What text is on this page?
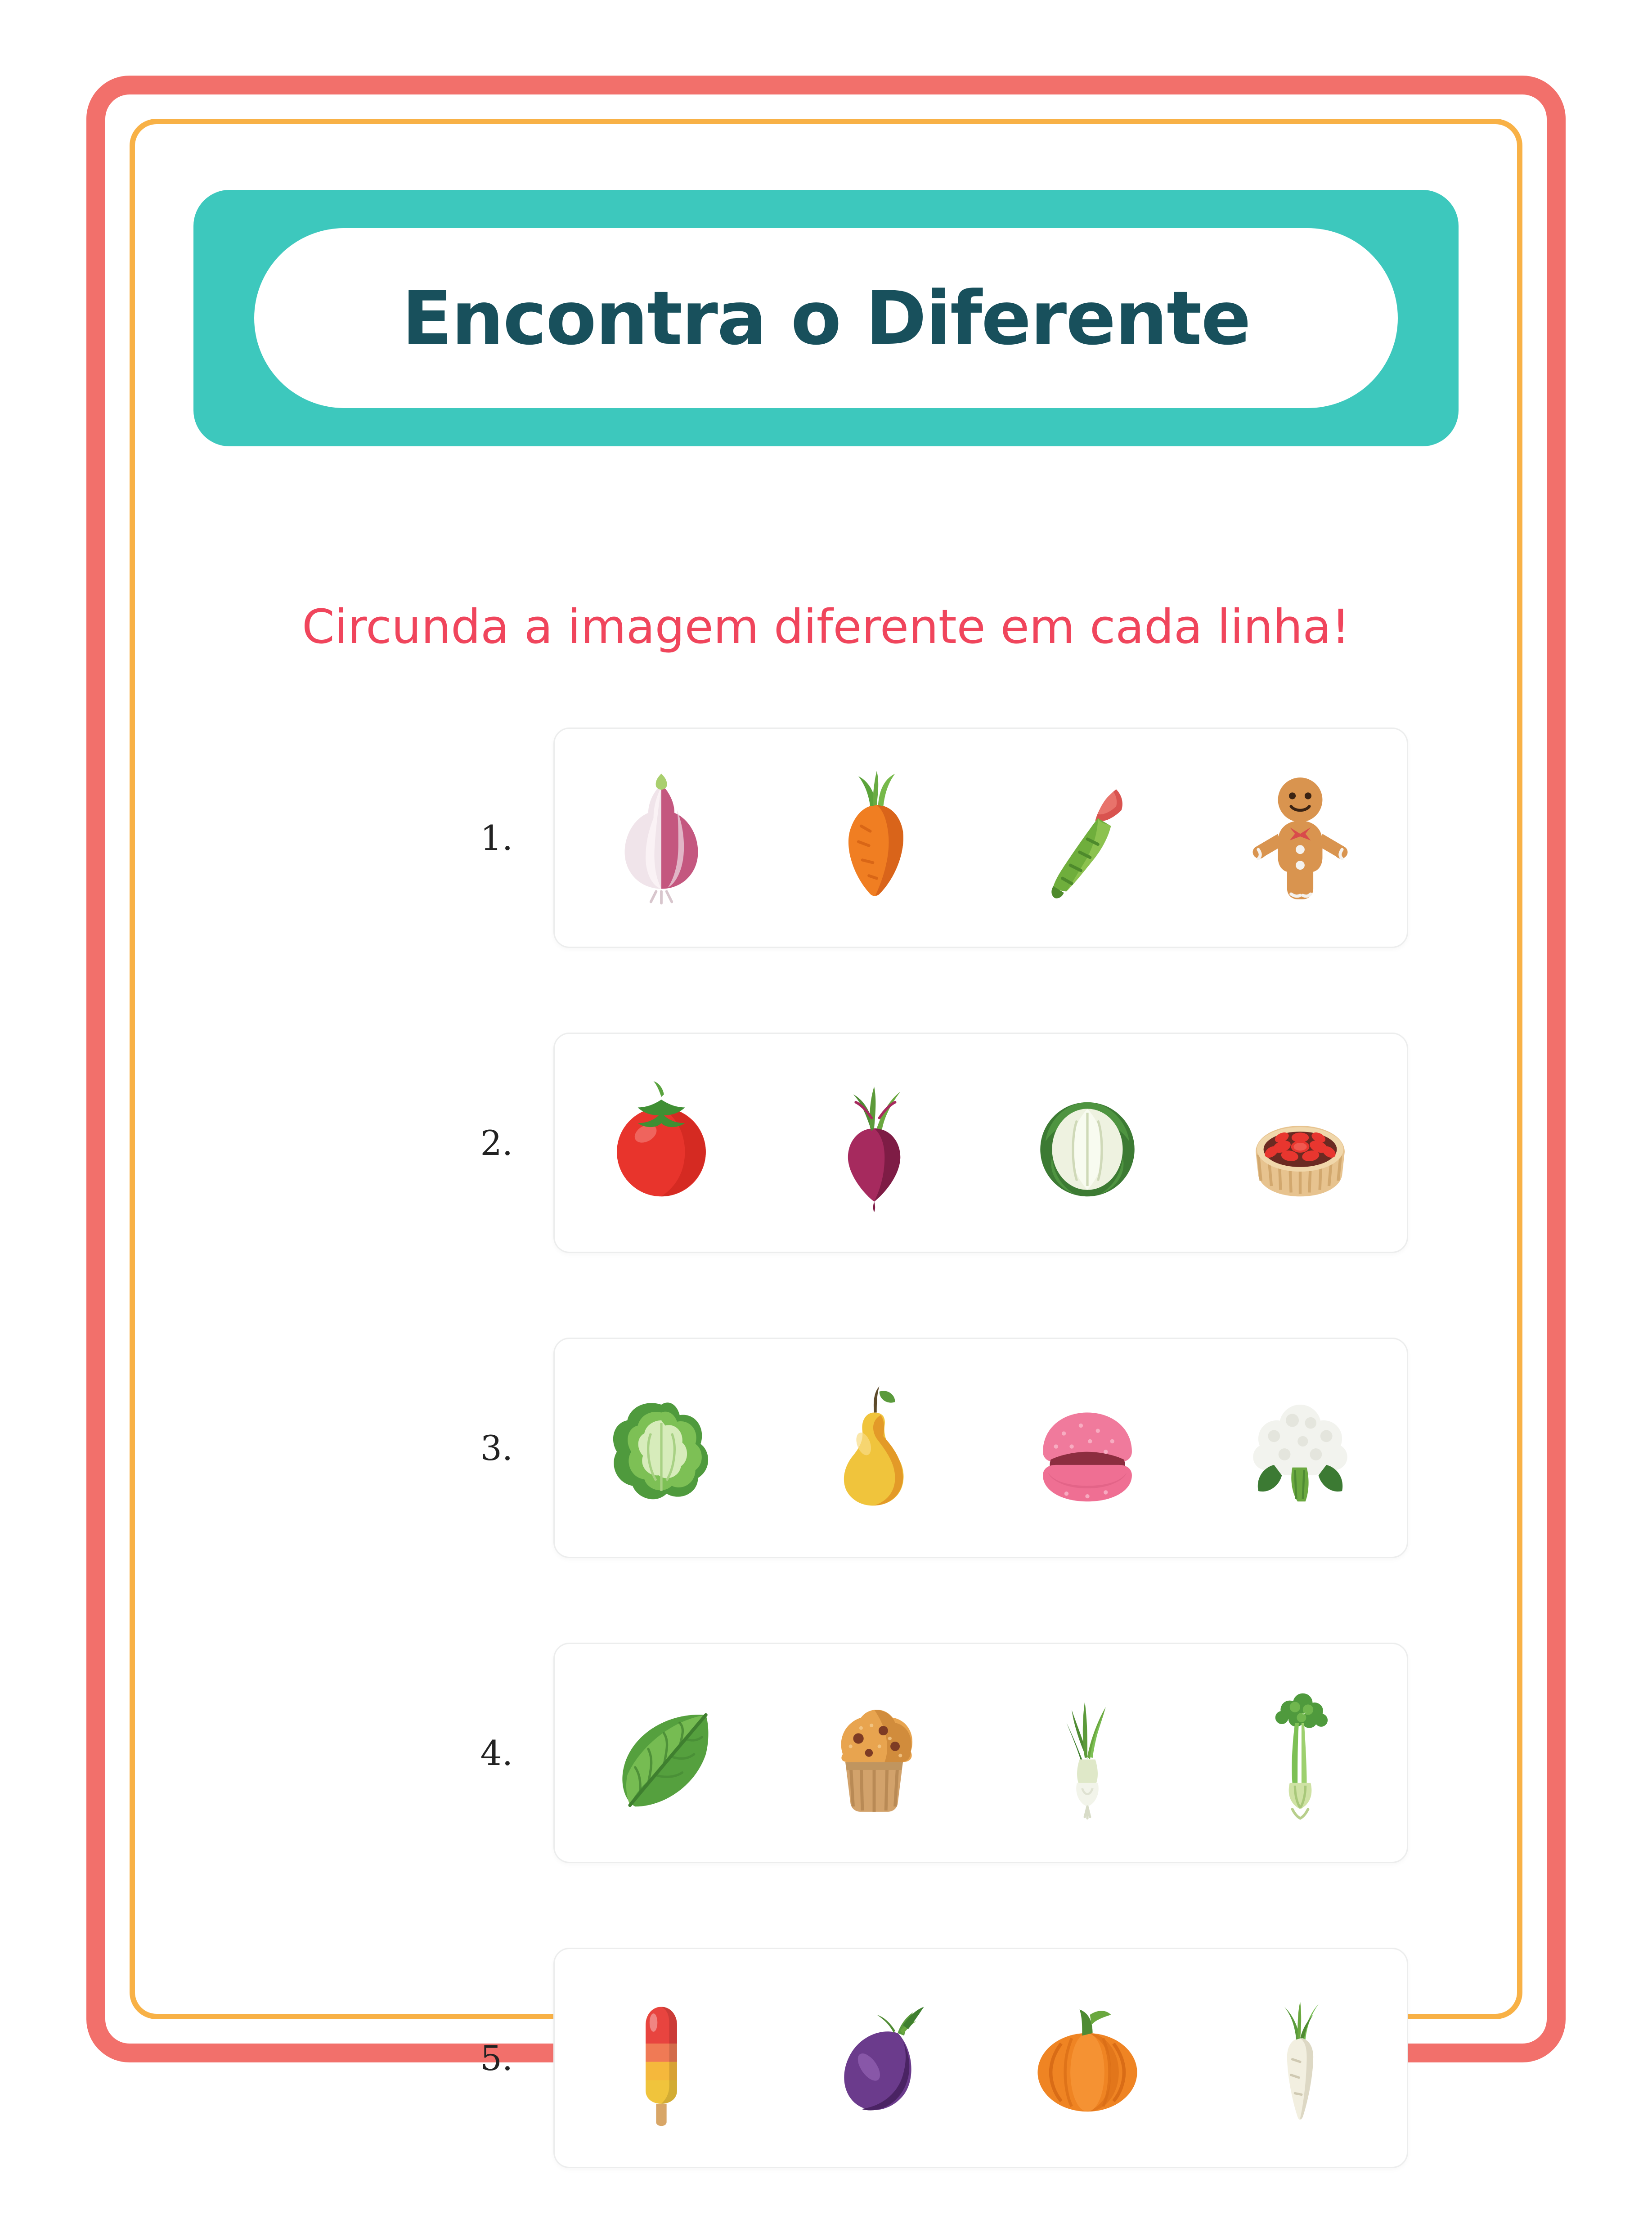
Encontra o Diferente
Circunda a imagem diferente em cada linha!
1.
2.
3.
4.
5.
